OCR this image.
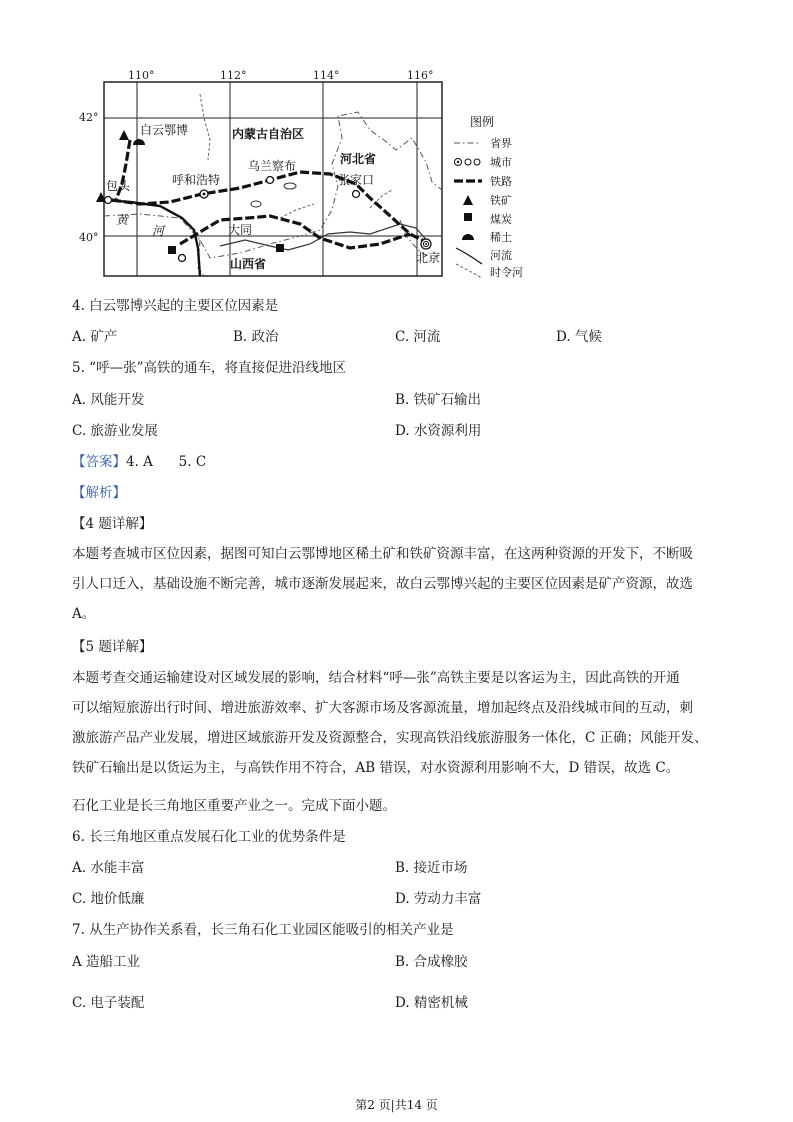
110°	112°	114°	116°
42°
40°
白云鄂博	内蒙古自治区
呼和浩特
乌兰察布	河北省
包头	张家口
黄
河	大同
山西省	北京
图例
省界
城市
铁路
铁矿
煤炭
稀土
河流
时令河
4. 白云鄂博兴起的主要区位因素是
A. 矿产	B. 政治	C. 河流	D. 气候
5. “呼—张”高铁的通车，将直接促进沿线地区
A. 风能开发	B. 铁矿石输出
C. 旅游业发展	D. 水资源利用
【答案】4. A      5. C
【解析】
【4 题详解】
本题考查城市区位因素，据图可知白云鄂博地区稀土矿和铁矿资源丰富，在这两种资源的开发下，不断吸
引人口迁入，基础设施不断完善，城市逐渐发展起来，故白云鄂博兴起的主要区位因素是矿产资源，故选
A。
【5 题详解】
本题考查交通运输建设对区域发展的影响，结合材料“呼—张”高铁主要是以客运为主，因此高铁的开通
可以缩短旅游出行时间、增进旅游效率、扩大客源市场及客源流量，增加起终点及沿线城市间的互动，刺
激旅游产品产业发展，增进区域旅游开发及资源整合，实现高铁沿线旅游服务一体化，C 正确；风能开发、
铁矿石输出是以货运为主，与高铁作用不符合，AB 错误，对水资源利用影响不大，D 错误，故选 C。
石化工业是长三角地区重要产业之一。完成下面小题。
6. 长三角地区重点发展石化工业的优势条件是
A. 水能丰富	B. 接近市场
C. 地价低廉	D. 劳动力丰富
7. 从生产协作关系看，长三角石化工业园区能吸引的相关产业是
A 造船工业	B. 合成橡胶
C. 电子装配	D. 精密机械
第2 页|共14 页
